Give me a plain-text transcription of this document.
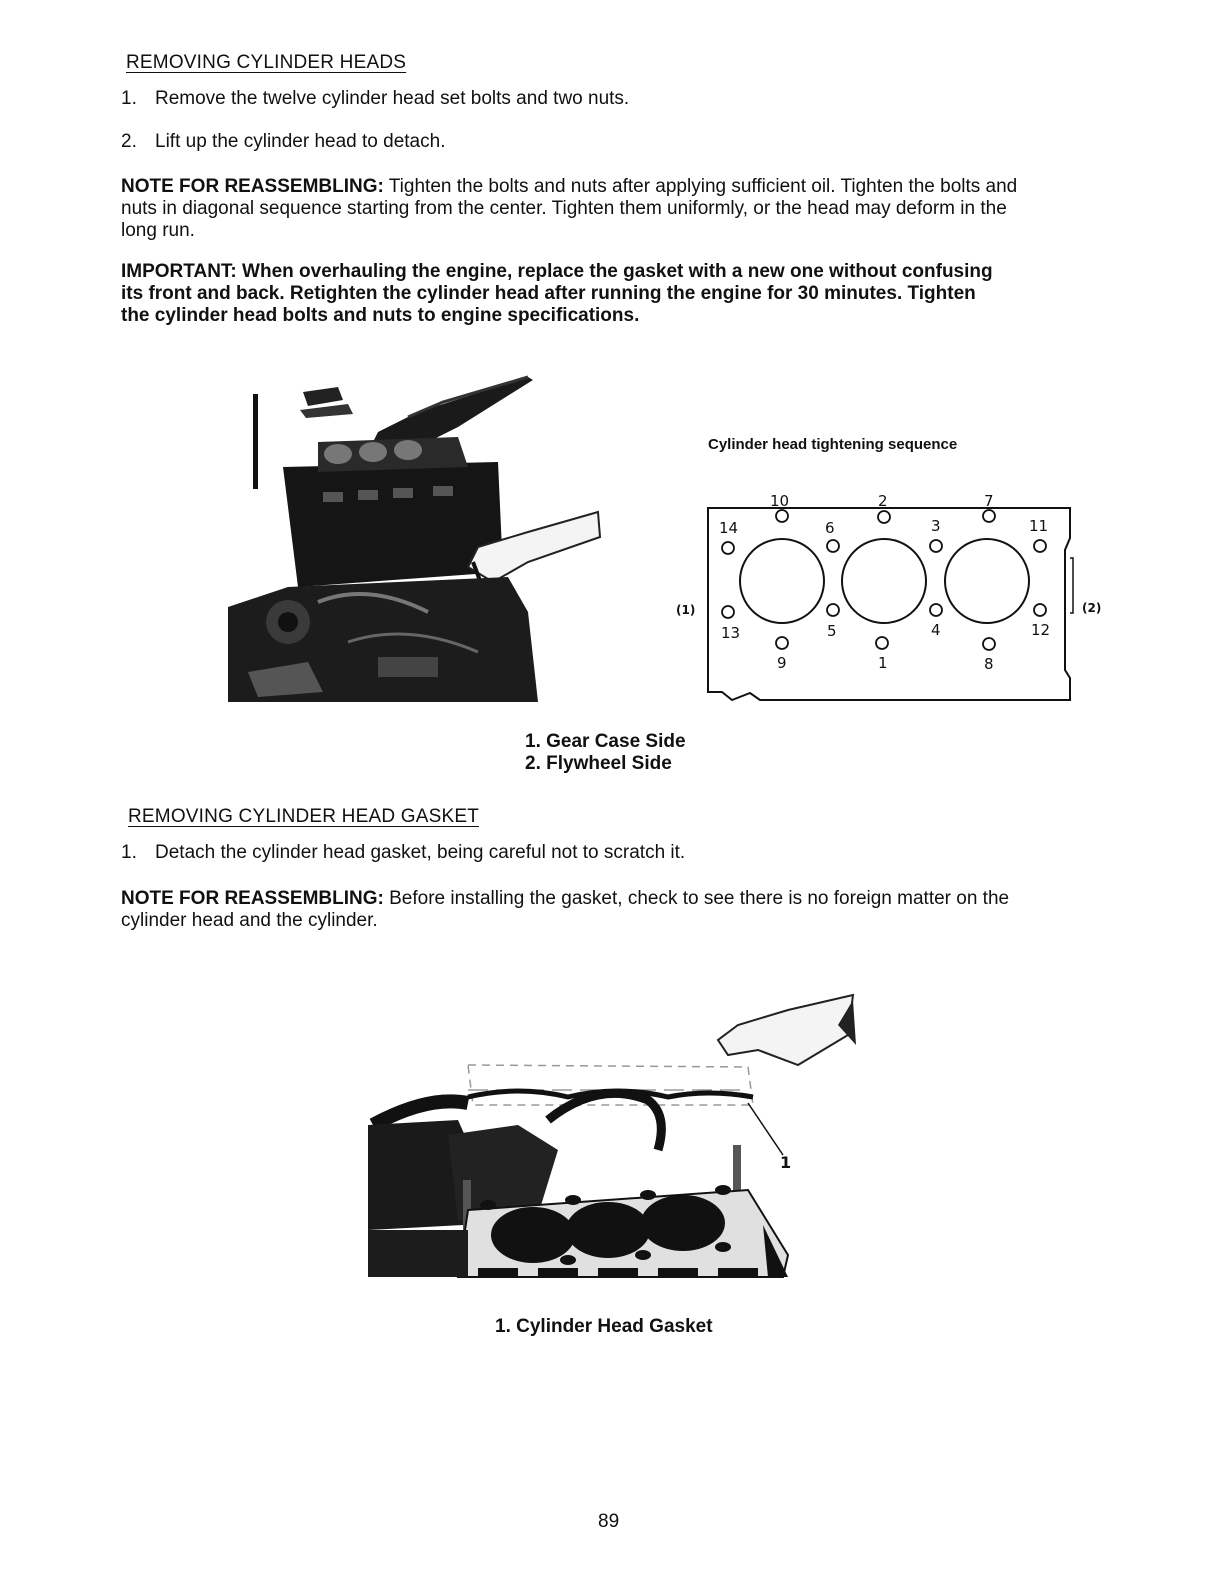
REMOVING CYLINDER HEADS
1. Remove the twelve cylinder head set bolts and two nuts.
2. Lift up the cylinder head to detach.
NOTE FOR REASSEMBLING: Tighten the bolts and nuts after applying sufficient oil. Tighten the bolts and nuts in diagonal sequence starting from the center. Tighten them uniformly, or the head may deform in the long run.
IMPORTANT: When overhauling the engine, replace the gasket with a new one without confusing its front and back. Retighten the cylinder head after running the engine for 30 minutes. Tighten the cylinder head bolts and nuts to engine specifications.
Cylinder head tightening sequence
10	2	7
14	6	3	11
13	5	4	12
9	1	8
(1)	(2)
1. Gear Case Side
2. Flywheel Side
REMOVING CYLINDER HEAD GASKET
1. Detach the cylinder head gasket, being careful not to scratch it.
NOTE FOR REASSEMBLING: Before installing the gasket, check to see there is no foreign matter on the cylinder head and the cylinder.
1
1. Cylinder Head Gasket
89
